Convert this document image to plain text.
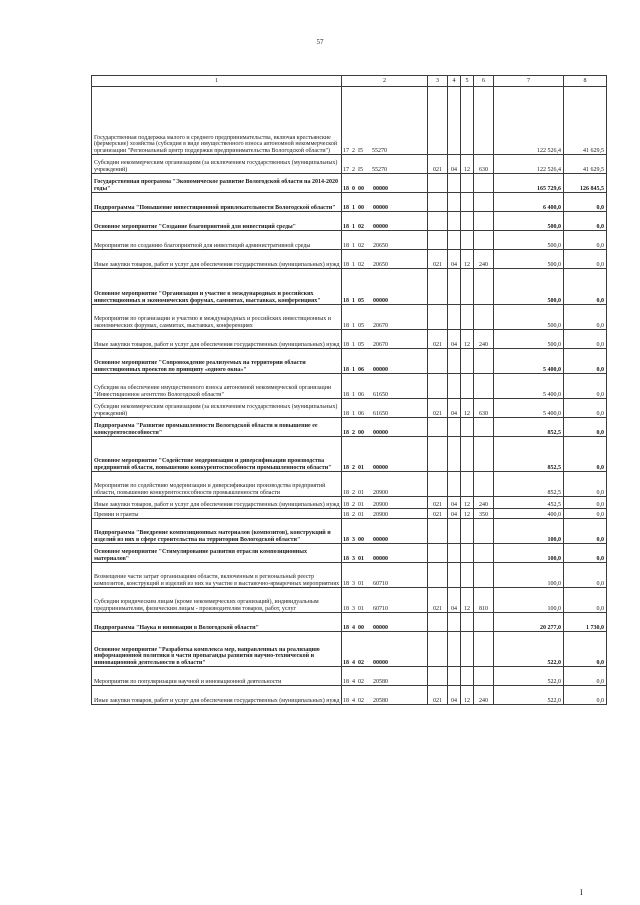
57
1	2	3	4	5	6	7	8
Государственная поддержка малого и среднего предпринимательства, включая крестьянские (фермерские) хозяйства (субсидия в виде имущественного взноса автономной некоммерческой организации "Региональный центр поддержки предпринимательства Вологодской области")	17  2  I5      55270					122 526,4	41 629,5
Субсидии некоммерческим организациям (за исключением государственных (муниципальных) учреждений)	17  2  I5      55270	021	04	12	630	122 526,4	41 629,5
Государственная программа "Экономическое развитие Вологодской области на 2014-2020 годы"	18  0  00      00000					165 729,6	126 845,5
Подпрограмма "Повышение инвестиционной привлекательности Вологодской области"	18  1  00      00000					6 400,0	0,0
Основное мероприятие "Создание благоприятной для инвестиций среды"	18  1  02      00000					500,0	0,0
Мероприятия по созданию благоприятной для инвестиций административной среды	18  1  02      20650					500,0	0,0
Иные закупки товаров, работ и услуг для обеспечения государственных (муниципальных) нужд	18  1  02      20650	021	04	12	240	500,0	0,0
Основное мероприятие "Организация и участие в международных и российских инвестиционных и экономических форумах, саммитах, выставках, конференциях"	18  1  05      00000					500,0	0,0
Мероприятия по организации и участию в международных и российских инвестиционных и экономических форумах, саммитах, выставках, конференциях	18  1  05      20670					500,0	0,0
Иные закупки товаров, работ и услуг для обеспечения государственных (муниципальных) нужд	18  1  05      20670	021	04	12	240	500,0	0,0
Основное мероприятие "Сопровождение реализуемых на территории области инвестиционных проектов по принципу «одного окна»"	18  1  06      00000					5 400,0	0,0
Субсидия на обеспечение имущественного взноса автономной некоммерческой организации "Инвестиционное агентство Вологодской области"	18  1  06      61650					5 400,0	0,0
Субсидии некоммерческим организациям (за исключением государственных (муниципальных) учреждений)	18  1  06      61650	021	04	12	630	5 400,0	0,0
Подпрограмма "Развитие промышленности Вологодской области и повышение ее конкурентоспособности"	18  2  00      00000					852,5	0,0
Основное мероприятие "Содействие модернизации и диверсификации производства предприятий области, повышению конкурентоспособности промышленности области"	18  2  01      00000					852,5	0,0
Мероприятия по содействию модернизации и диверсификации производства предприятий области, повышению конкурентоспособности промышленности области	18  2  01      20900					852,5	0,0
Иные закупки товаров, работ и услуг для обеспечения государственных (муниципальных) нужд	18  2  01      20900	021	04	12	240	452,5	0,0
Премии и гранты	18  2  01      20900	021	04	12	350	400,0	0,0
Подпрограмма "Внедрение композиционных материалов (композитов), конструкций и изделий из них в сфере строительства на территории Вологодской области"	18  3  00      00000					100,0	0,0
Основное мероприятие "Стимулирование развития отрасли композиционных материалов"	18  3  01      00000					100,0	0,0
Возмещение части затрат организациям области, включенным в региональный реестр композитов, конструкций и изделий из них на участие в выставочно-ярмарочных мероприятиях	18  3  01      60710					100,0	0,0
Субсидии юридическим лицам (кроме некоммерческих организаций), индивидуальным предпринимателям, физическим лицам - производителям товаров, работ, услуг	18  3  01      60710	021	04	12	810	100,0	0,0
Подпрограмма "Наука и инновации в Вологодской области"	18  4  00      00000					20 277,0	1 730,0
Основное мероприятие "Разработка комплекса мер, направленных на реализацию информационной политики в части пропаганды развития научно-технической и инновационной деятельности в области"	18  4  02      00000					522,0	0,0
Мероприятия по популяризации научной и инновационной деятельности	18  4  02      20580					522,0	0,0
Иные закупки товаров, работ и услуг для обеспечения государственных (муниципальных) нужд	18  4  02      20580	021	04	12	240	522,0	0,0
I
